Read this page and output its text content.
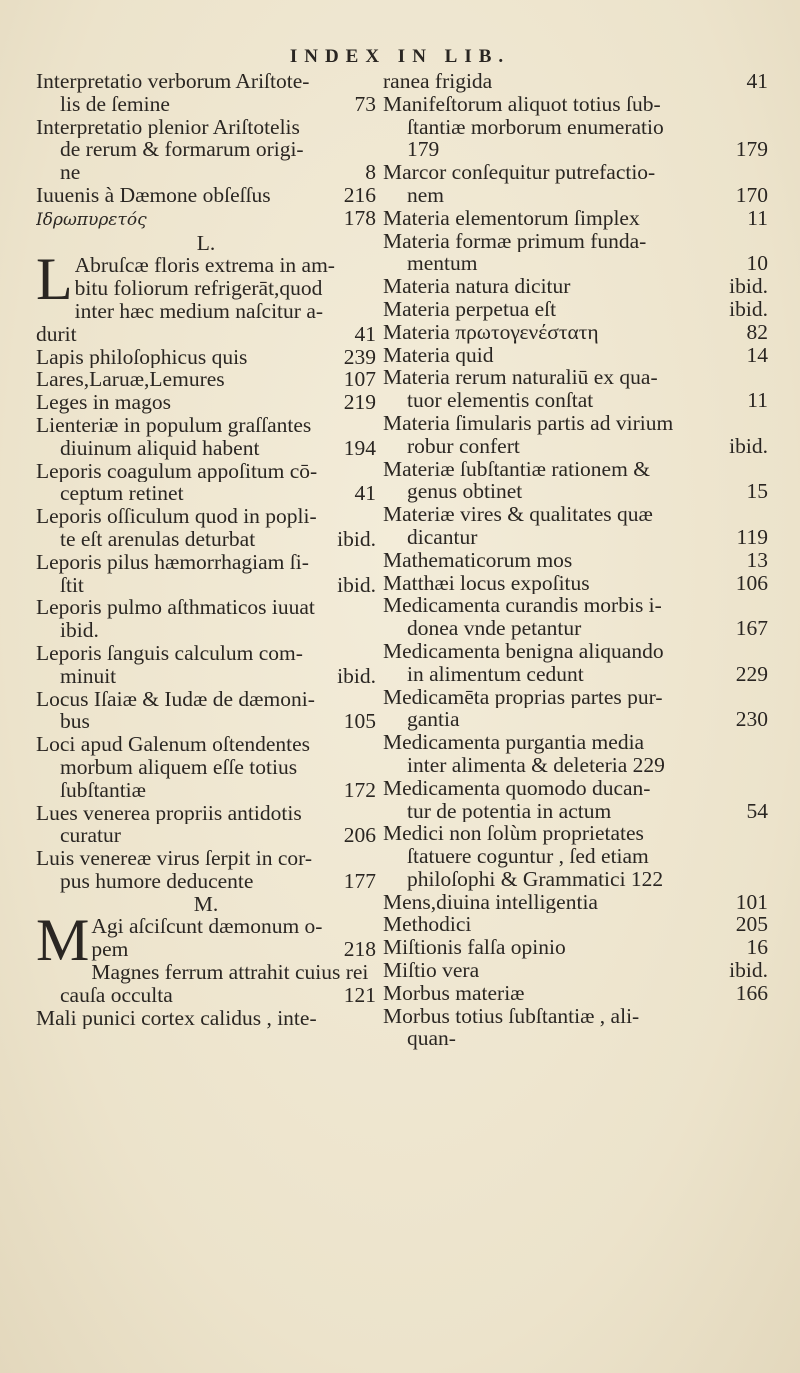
INDEX IN LIB.
Interpretatio verborum Ariſtote-
73
lis de ſemine
Interpretatio plenior Ariſtotelis
de rerum & formarum origi-
8
ne
216
Iuuenis à Dæmone obſeſſus
178
Ιδρωπυρετός
L.
L Abruſcæ floris extrema in am-
bitu foliorum refrigerāt,quod
inter hæc medium naſcitur a-
41
durit
239
Lapis philoſophicus quis
107
Lares,Laruæ,Lemures
219
Leges in magos
Lienteriæ in populum graſſantes
194
diuinum aliquid habent
Leporis coagulum appoſitum cō-
41
ceptum retinet
Leporis oſſiculum quod in popli-
ibid.
te eſt arenulas deturbat
Leporis pilus hæmorrhagiam ſi-
ibid.
ſtit
Leporis pulmo aſthmaticos iuuat
ibid.
Leporis ſanguis calculum com-
ibid.
minuit
Locus Iſaiæ & Iudæ de dæmoni-
105
bus
Loci apud Galenum oſtendentes
morbum aliquem eſſe totius
172
ſubſtantiæ
Lues venerea propriis antidotis
206
curatur
Luis venereæ virus ſerpit in cor-
177
pus humore deducente
M.
M Agi aſciſcunt dæmonum o-
218
pem
Magnes ferrum attrahit cuius rei
121
cauſa occulta
Mali punici cortex calidus , inte-
41
ranea frigida
Manifeſtorum aliquot totius ſub-
ſtantiæ morborum enumeratio
179
179
Marcor conſequitur putrefactio-
170
nem
11
Materia elementorum ſimplex
Materia formæ primum funda-
10
mentum
ibid.
Materia natura dicitur
ibid.
Materia perpetua eſt
82
Materia πρωτογενέστατη
14
Materia quid
Materia rerum naturaliū ex qua-
11
tuor elementis conſtat
Materia ſimularis partis ad virium
ibid.
robur confert
Materiæ ſubſtantiæ rationem &
15
genus obtinet
Materiæ vires & qualitates quæ
119
dicantur
13
Mathematicorum mos
106
Matthæi locus expoſitus
Medicamenta curandis morbis i-
167
donea vnde petantur
Medicamenta benigna aliquando
229
in alimentum cedunt
Medicamēta proprias partes pur-
230
gantia
Medicamenta purgantia media
inter alimenta & deleteria 229
Medicamenta quomodo ducan-
54
tur de potentia in actum
Medici non ſolùm proprietates
ſtatuere coguntur , ſed etiam
philoſophi & Grammatici 122
101
Mens,diuina intelligentia
205
Methodici
16
Miſtionis falſa opinio
ibid.
Miſtio vera
166
Morbus materiæ
Morbus totius ſubſtantiæ , ali-
quan-
